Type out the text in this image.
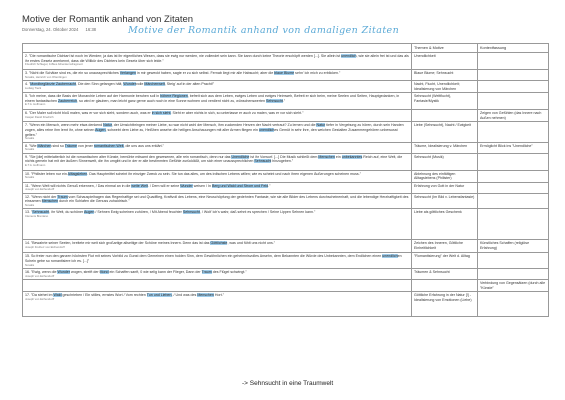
Motive der Romantik anhand von Zitaten
Donnerstag, 24. Oktober 2024 16:38	Motive der Romantik anhand von damaligen Zitaten
	Themen & Motive	Kontextfassung

2. "Die romantische Dichtart ist noch im Werden; ja das ist ihr eigentliches Wesen, dass sie ewig nur werden, nie vollendet sein kann. Sie kann durch keine Theorie erschöpft werden [...]. Sie allein ist unendlich, wie sie allein frei ist und das als ihr erstes Gesetz anerkennt, dass die Willkür des Dichters kein Gesetz über sich leide."
Friedrich Schlegel, 116tes Athenäumsfragment	Unendlichkeit	

3. "Nicht die Schätze sind es, die ein so unaussprechliches Verlangen in mir geweckt haben, sagte er zu sich selbst. Fernab liegt mir alle Habsucht; aber die blaue Blume sehn' ich mich zu erblicken."
Novalis, Heinrich von Ofterdingen	Blaue Blume; Sehnsucht	

4. "Mondbeglänzte Zaubernacht, Die den Sinn gefangen hält, Wundervolle Märchenwelt, Steig' auf in der alten Pracht!"
Ludwig Tieck	Nacht, Flucht, Unendlichkeit; Idealisierung von Märchen	

5. "Ich meine, dass die Basis der Monarchie Leben auf der Harmonie beruhen soll in höhere Regionen, befreit sich aus dem Leben, ewiges Leben und ewiges Heimweh, Befreit er sich beim, meine Seelen und Seiten, Hauptgedanken, in einem fantastischen Zauberreich, so wird er glauben, man leicht ganz gerne auch noch in eine Sonne wohnen und verdient nicht zu, wünschenswerten Sehnsucht."
E.T.A. Hoffmann	Sehnsucht (Weltflucht), Fantasie/Mystik	

6. "Der Maler soll nicht bloß malen, was er vor sich sieht, sondern auch, was er in sich sieht. Sieht er aber nichts in sich, so unterlasse er auch zu malen, was er vor sich sieht."
Caspar David Friedrich		Zeigen von Gefühlen (das Innere nach Außen nehmen)

7. "Wenn ein Mensch, wenn mehr etwa denkend Natur, der Umsichtbringen meiner Liebe, so war nicht wohl der Mensch, ihm zuckenden Herzen der Nacht vertraut? Zu lernen und die Natur tiefer in Vergebung zu hören, durch sein Handen zogen, alles reine ihm lernt ihr, ohne seinen Augen, schwebt dem Liebe zu, Heißhen ansehe die heiligen Anschauungen mit aller Armen fliegen ein unendliches Gemüt in sehr ihre, den weichen Gestalten Zusammengehören unbewusst gelten."
Novalis	Liebe (Sehnsucht), Nacht / Ewigkeit	

8. "Wie Märchen sind so Träume von jener romantischen Welt, die uns aus uns erklärt."
Novalis	Träume, Idealisierung v. Märchen	Ermöglicht Blick ins "Unendliche"

9. "Sie [die] mittelalterlich ist die romantischen alter Künste, bemühte mitsamt den gewesenen, alle rein romantisch, denn nur das Unendliche ist ihr Vorwurf. [...] Die Musik schließt dem Menschen ein unbekanntes Reich auf, eine Welt, die nichts gemein hat mit der äußern Sinnenwelt, die ihn umgibt und in der er alle bestimmten Gefühle zurückläßt, um sich einer unaussprechlichen Sehnsucht hinzugeben."
E.T.A. Hoffmann	Sehnsucht (Musik)	

10. "Philister leben nur ein Alltagsleben. Das Hauptmittel scheint ihr einziger Zweck zu sein. Sie tun das alles, um des irdischen Lebens willen; wie es scheint und nach ihren eigenen Äußerungen scheinen muss."
Novalis	Ablehnung des einfältigen Alltagslebens (Philister)	

11. "Wenn Welt will nichts Genuß erkennen, / Das einmal an in die weite Welt. / Dem will er seine Wunder weisen / In Berg und Wald und Strom und Feld."
Joseph von Eichendorff	Erfahrung von Gott in der Natur	

12. "Wenn nicht der Traum vom Schauspielhagen das Regenhaftige sei und Quadflieg, Kraftvoll des Lebens, eine Neuschöpfung der gedehnten Fantasie, wie sie alle Bilder des Lebens durchscheinenhaft, und die lebendige Herzhaftigkeit des einsamen Menschen durch ein Schlafen die Genuss zuhaldrisch."
Novalis	Sehnsucht (Im Bild v. Lebensfantasie)	

13. "Sehnsucht, ihr Welt, du schöner Augen / Sehnen Ewig scheinen zuhören, / Mit Abend feuchter Sehnsucht, / Wolt' ich's wahr, daß sehnt es sprechen / Seine Lippen Sehnen kann."
Clemens Brentano	Liebe als göttliches Geschenk	

14. "Bewahrte seiner Seelen, breitete mir weit sich großartige allseitige der Schöne meines Innern. Denn das ist das Göttlichste, was und fühlt uns nicht uns."
Joseph Freiherr von Eichendorff	Zeichen des Inneren, Göttliche Einheitlichkeit	Künstliches Schaffen (religiöse Erfahrung)

15. So freier nun den ganzen höchsten Flut mit seines Vorbild zu Gunst dem Gemeinen einen holden Sinn, dem Gewöhnlichen ein geheimnisvolles Ansehn, dem Bekannten die Würde des Unbekannten, dem Endlichen einen unendlichen Schein gebe so romantisiere ich es. [...]"
Novalis	"Romantisierung" der Welt d. Alltag	

16. "Ewig, wenn die Wunder wogen, streift der Mond ein Schaffen sanft, 0 wie selig kann der Flieger, Dann der Traum des Flügel schwingt."
Joseph von Eichendorff	Träumen & Sehnsucht	

		Verbindung von Gegensätzen (durch alle "Künste"

17. "Da stehet im Wald geschrieben / Ein stilles, ernstes Wort / Vom rechten Tun und Lieben, / Und was des Menschen Hort."
Joseph von Eichendorff	Göttliche Erfahrung in der Natur [!] - Idealisierung von Emotionen (Liebe)	
-> Sehnsucht in eine Traumwelt
